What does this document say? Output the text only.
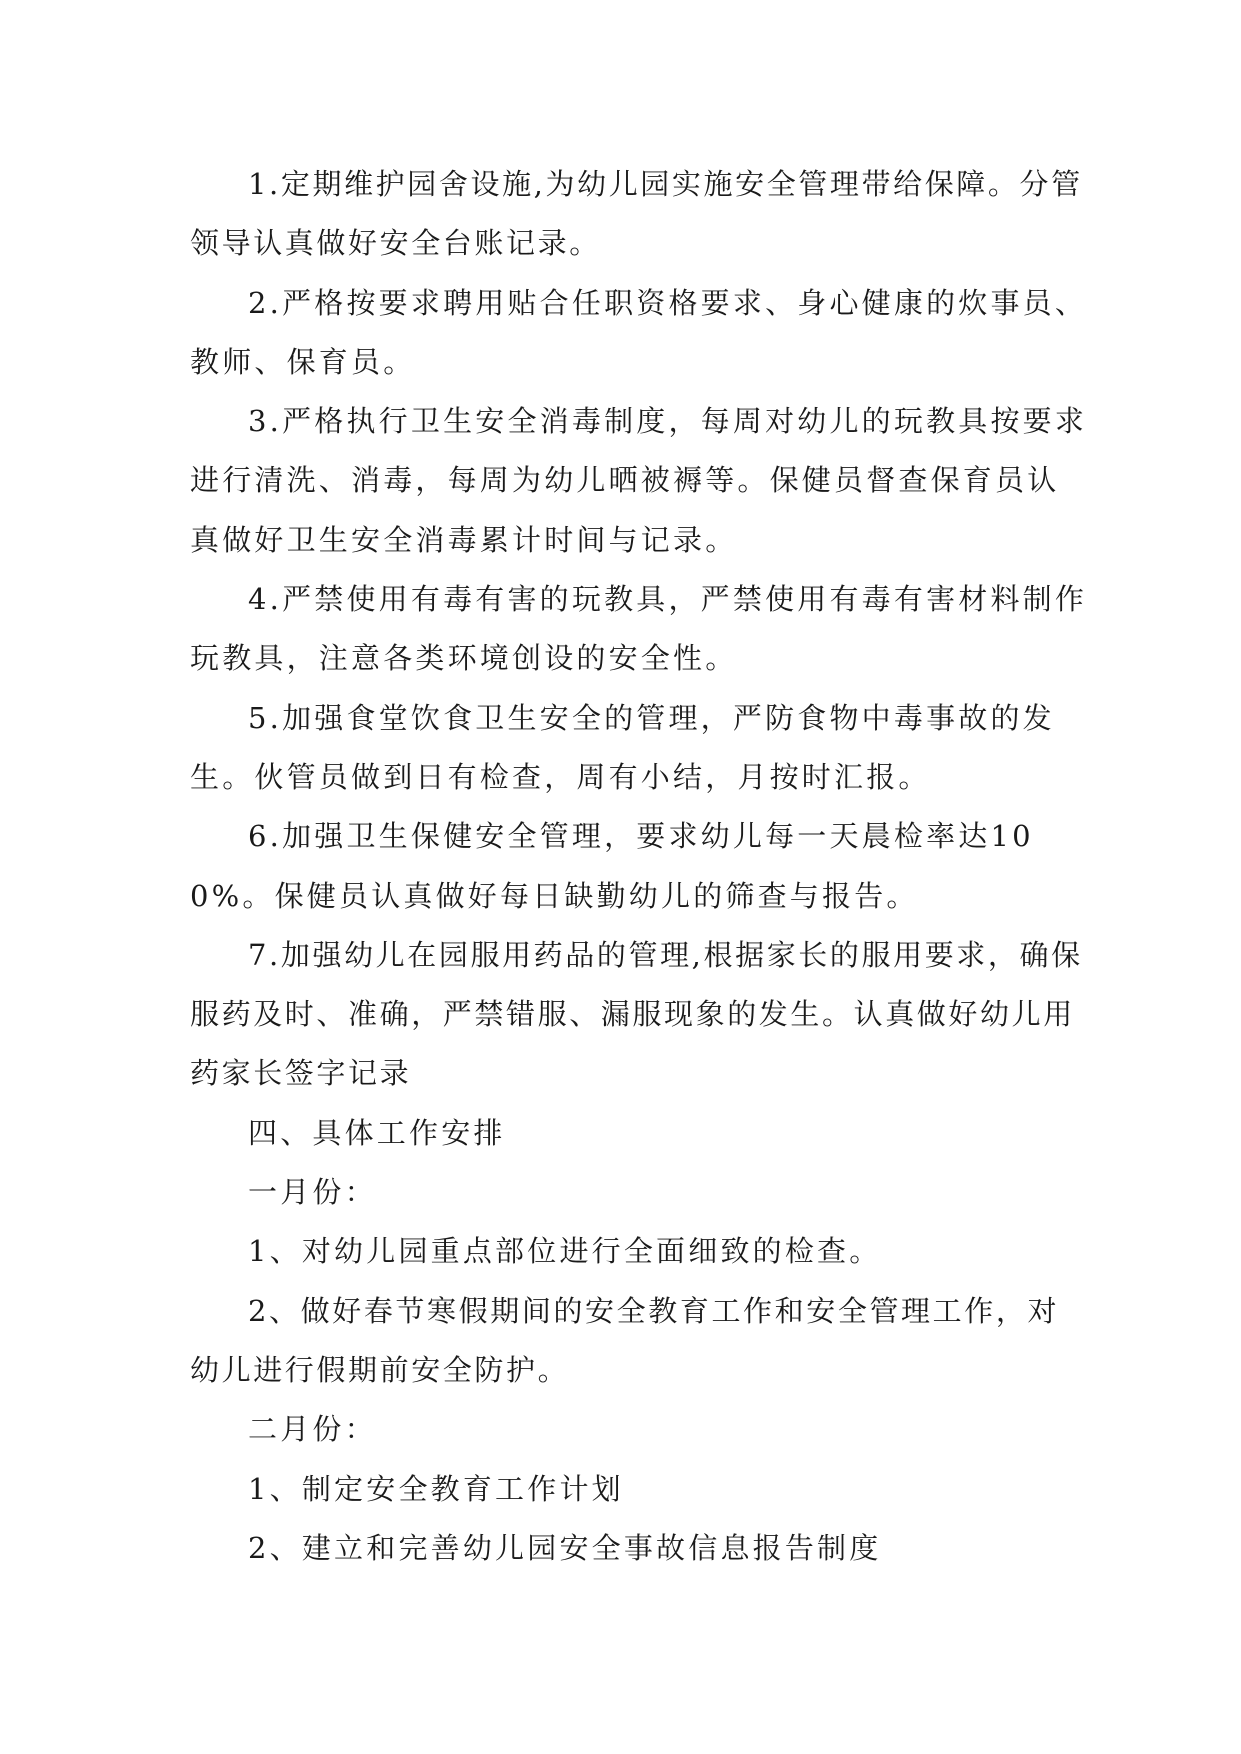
1.定期维护园舍设施,为幼儿园实施安全管理带给保障。分管领导认真做好安全台账记录。

2.严格按要求聘用贴合任职资格要求、身心健康的炊事员、教师、保育员。

3.严格执行卫生安全消毒制度，每周对幼儿的玩教具按要求进行清洗、消毒，每周为幼儿晒被褥等。保健员督查保育员认真做好卫生安全消毒累计时间与记录。

4.严禁使用有毒有害的玩教具，严禁使用有毒有害材料制作玩教具，注意各类环境创设的安全性。

5.加强食堂饮食卫生安全的管理，严防食物中毒事故的发生。伙管员做到日有检查，周有小结，月按时汇报。

6.加强卫生保健安全管理，要求幼儿每一天晨检率达100%。保健员认真做好每日缺勤幼儿的筛查与报告。

7.加强幼儿在园服用药品的管理,根据家长的服用要求，确保服药及时、准确，严禁错服、漏服现象的发生。认真做好幼儿用药家长签字记录

四、具体工作安排

一月份：

1、对幼儿园重点部位进行全面细致的检查。

2、做好春节寒假期间的安全教育工作和安全管理工作，对幼儿进行假期前安全防护。

二月份：

1、制定安全教育工作计划

2、建立和完善幼儿园安全事故信息报告制度
